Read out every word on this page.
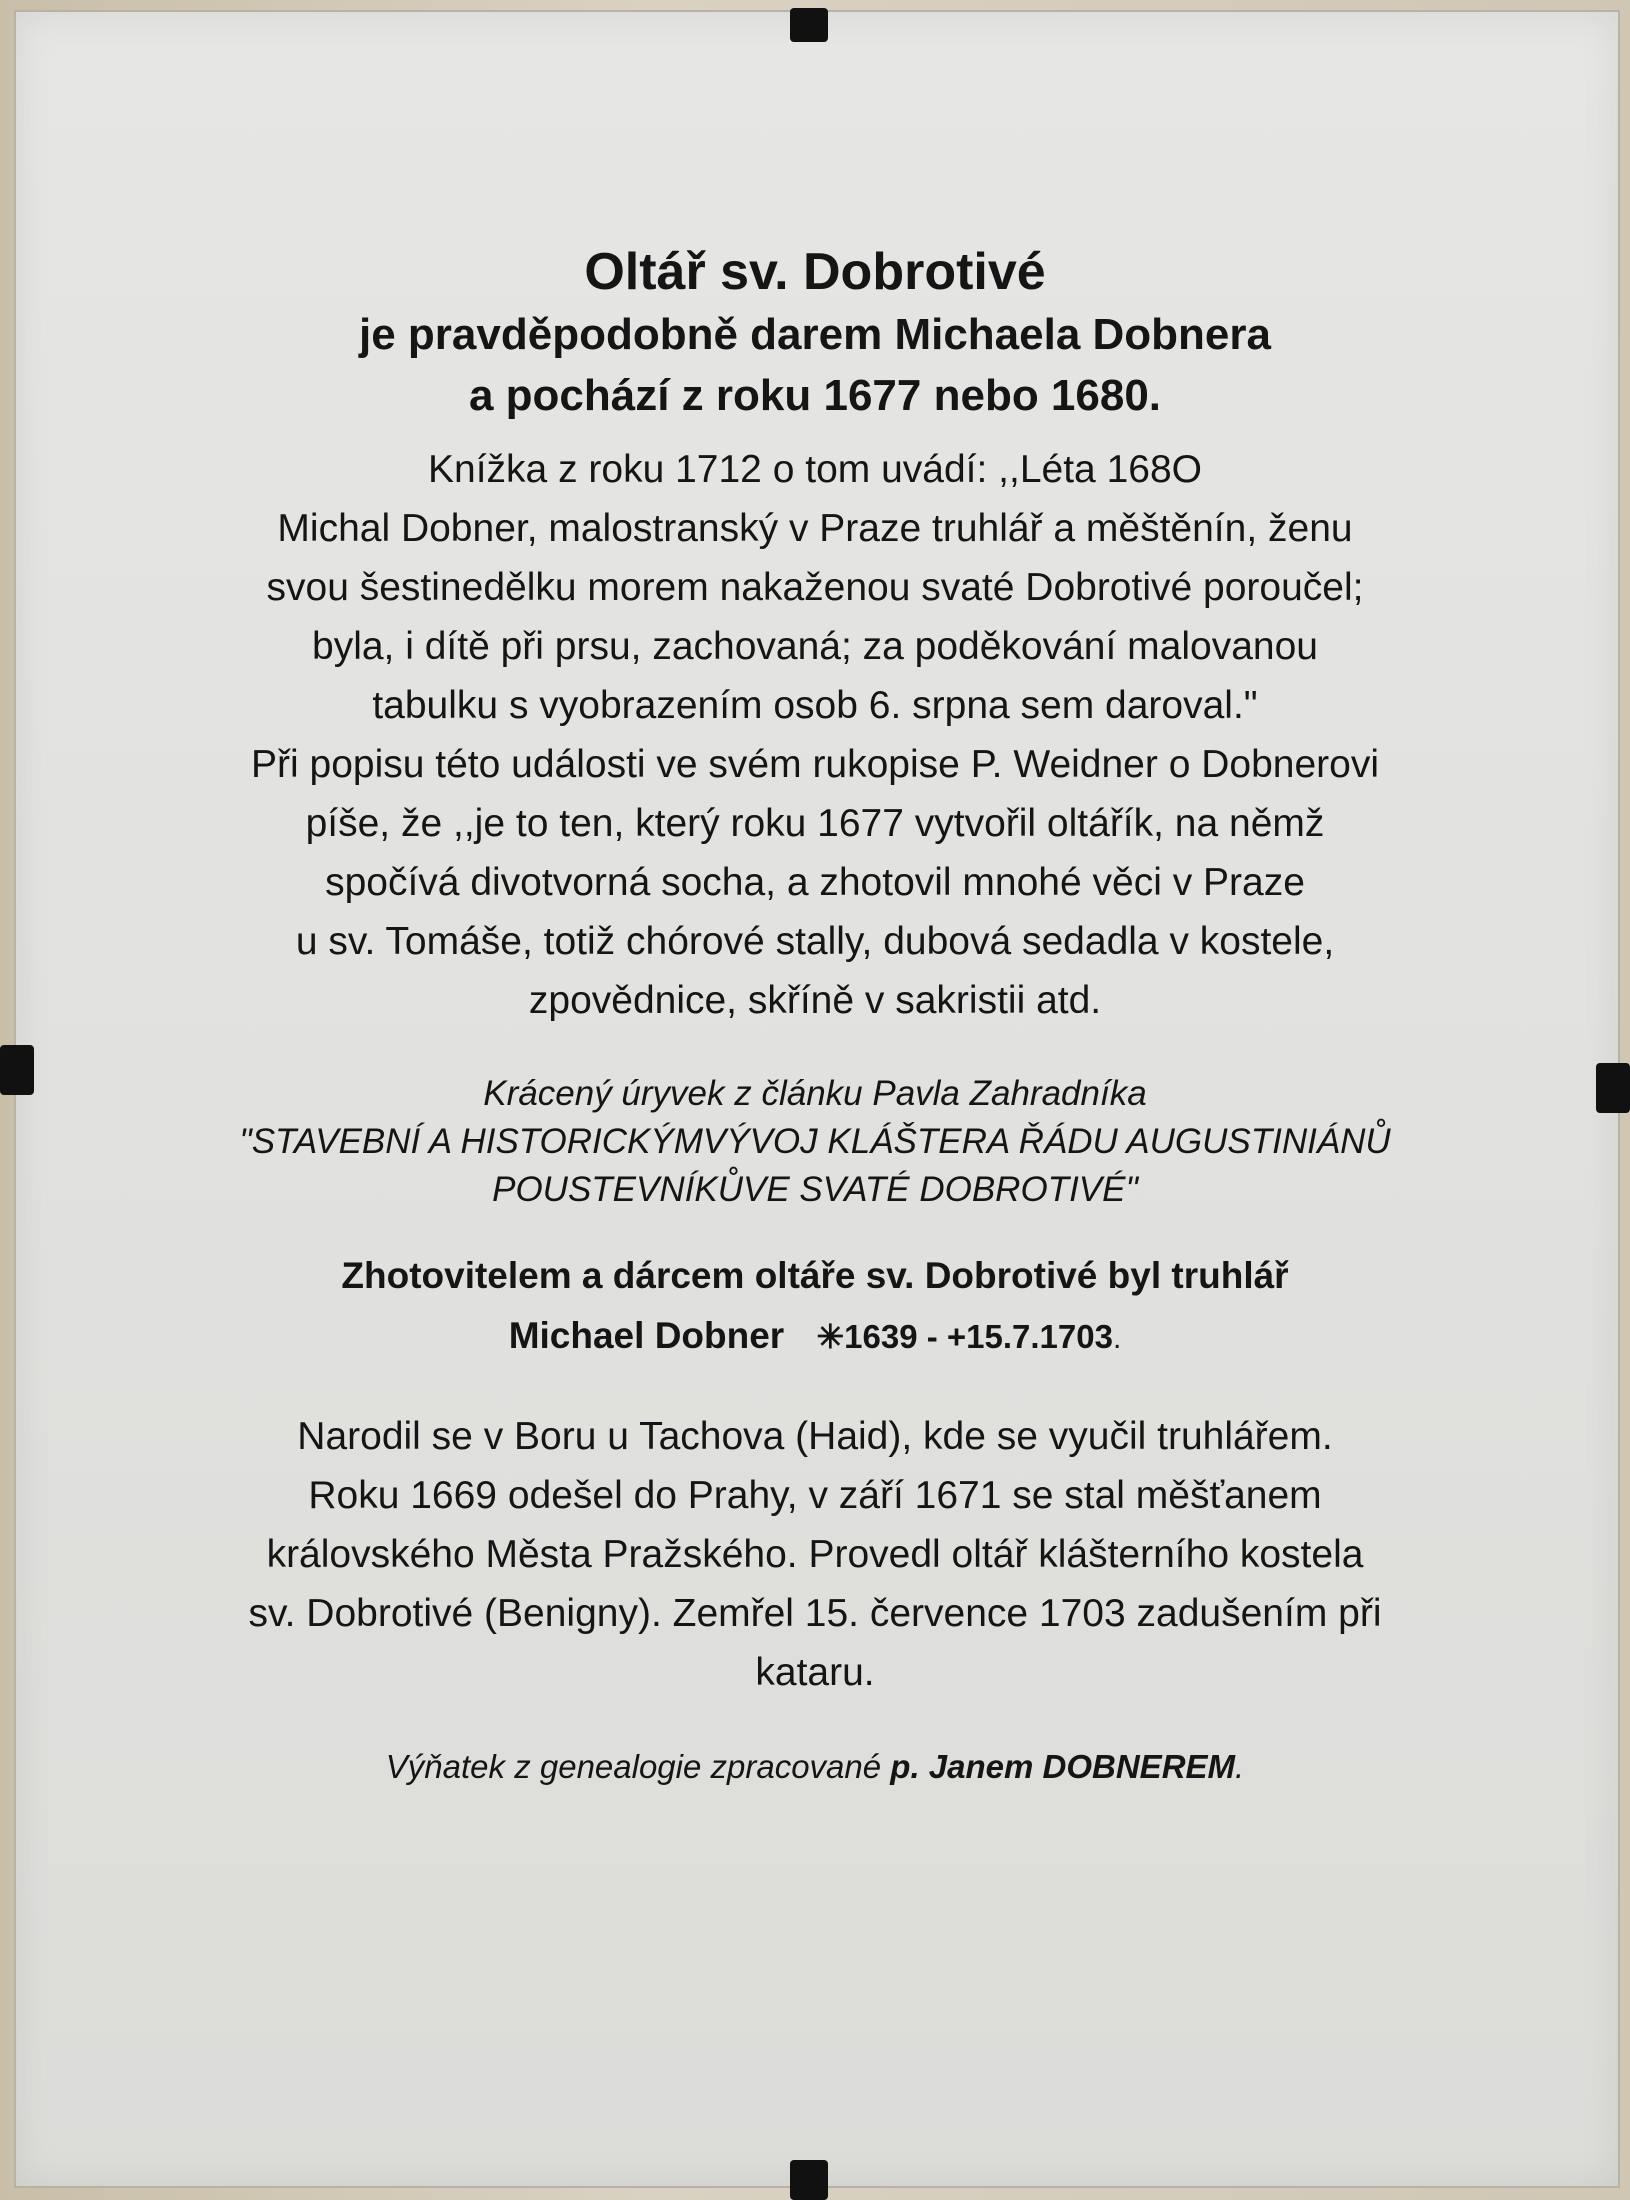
Oltář sv. Dobrotivé
je pravděpodobně darem Michaela Dobnera
a pochází z roku 1677 nebo 1680.
Knížka z roku 1712 o tom uvádí: ,,Léta 168O
Michal Dobner, malostranský v Praze truhlář a měštěnín, ženu
svou šestinedělku morem nakaženou svaté Dobrotivé poroučel;
byla, i dítě při prsu, zachovaná; za poděkování malovanou
tabulku s vyobrazením osob 6. srpna sem daroval."
Při popisu této události ve svém rukopise P. Weidner o Dobnerovi
píše, že ,,je to ten, který roku 1677 vytvořil oltářík, na němž
spočívá divotvorná socha, a zhotovil mnohé věci v Praze
u sv. Tomáše, totiž chórové stally, dubová sedadla v kostele,
zpovědnice, skříně v sakristii atd.
Krácený úryvek z článku Pavla Zahradníka
"STAVEBNÍ A HISTORICKÝMVÝVOJ KLÁŠTERA ŘÁDU AUGUSTINIÁNŮ
POUSTEVNÍKŮVE SVATÉ DOBROTIVÉ"
Zhotovitelem a dárcem oltáře sv. Dobrotivé byl truhlář
Michael Dobner ✳1639 - +15.7.1703.
Narodil se v Boru u Tachova (Haid), kde se vyučil truhlářem.
Roku 1669 odešel do Prahy, v září 1671 se stal měšťanem
královského Města Pražského. Provedl oltář klášterního kostela
sv. Dobrotivé (Benigny). Zemřel 15. července 1703 zadušením při
kataru.
Výňatek z genealogie zpracované p. Janem DOBNEREM.
